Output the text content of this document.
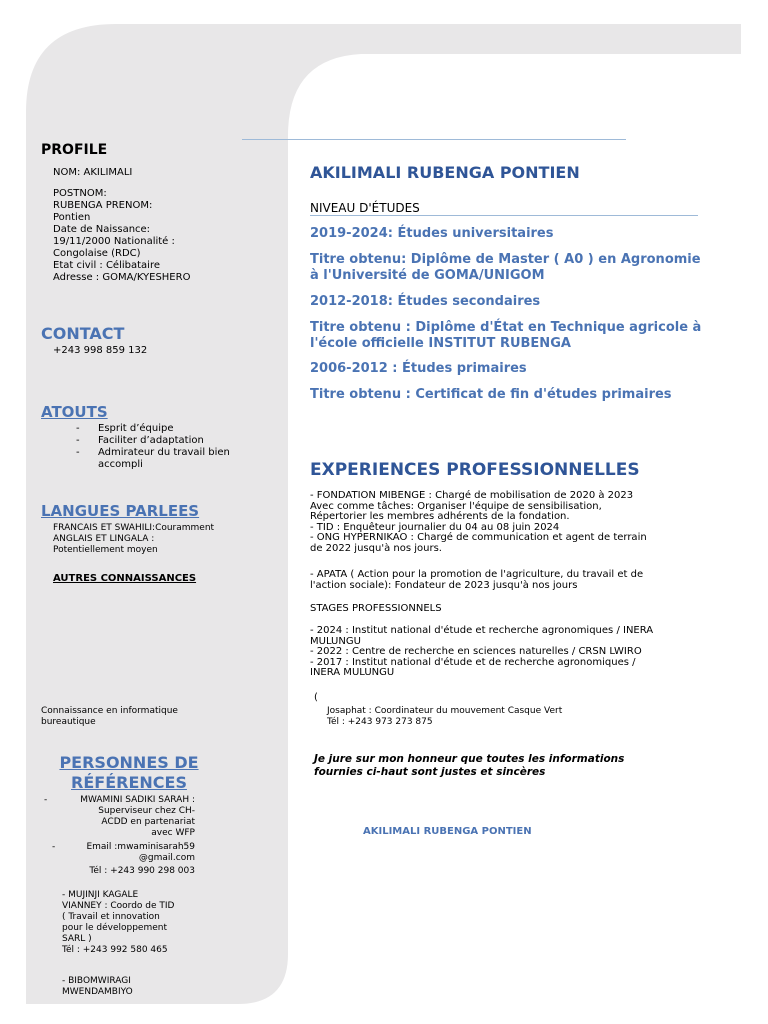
PROFILE
NOM: AKILIMALI
POSTNOM:
RUBENGA PRENOM:
Pontien
Date de Naissance:
19/11/2000 Nationalité :
Congolaise (RDC)
Etat civil : Célibataire
Adresse : GOMA/KYESHERO
CONTACT
+243 998 859 132
ATOUTS
- Esprit d’équipe
- Faciliter d’adaptation
- Admirateur du travail bien accompli
LANGUES PARLEES
FRANCAIS ET SWAHILI:Couramment
ANGLAIS ET LINGALA :
Potentiellement moyen
AUTRES CONNAISSANCES
Connaissance en informatique
bureautique
PERSONNES DE RÉFÉRENCES
-	MWAMINI SADIKI SARAH :
Superviseur chez CH-
ACDD en partenariat
avec WFP
-	Email :mwaminisarah59
@gmail.com
Tél : +243 990 298 003
- MUJINJI KAGALE
VIANNEY : Coordo de TID
( Travail et innovation
pour le développement
SARL )
Tél : +243 992 580 465
- BIBOMWIRAGI
MWENDAMBIYO
AKILIMALI RUBENGA PONTIEN
NIVEAU D'ÉTUDES
2019-2024: Études universitaires
Titre obtenu: Diplôme de Master ( A0 ) en Agronomie à l'Université de GOMA/UNIGOM
2012-2018: Études secondaires
Titre obtenu : Diplôme d'État en Technique agricole à l'école officielle INSTITUT RUBENGA
2006-2012 : Études primaires
Titre obtenu : Certificat de fin d'études primaires
EXPERIENCES PROFESSIONNELLES
- FONDATION MIBENGE : Chargé de mobilisation de 2020 à 2023
Avec comme tâches: Organiser l'équipe de sensibilisation,
Répertorier les membres adhérents de la fondation.
- TID : Enquêteur journalier du 04 au 08 juin 2024
- ONG HYPERNIKAO : Chargé de communication et agent de terrain
de 2022 jusqu'à nos jours.
- APATA ( Action pour la promotion de l'agriculture, du travail et de
l'action sociale): Fondateur de 2023 jusqu'à nos jours
STAGES PROFESSIONNELS
- 2024 : Institut national d'étude et recherche agronomiques / INERA
MULUNGU
- 2022 : Centre de recherche en sciences naturelles / CRSN LWIRO
- 2017 : Institut national d'étude et de recherche agronomiques /
INERA MULUNGU
(
Josaphat : Coordinateur du mouvement Casque Vert
Tél : +243 973 273 875
Je jure sur mon honneur que toutes les informations
fournies ci-haut sont justes et sincères
AKILIMALI RUBENGA PONTIEN
